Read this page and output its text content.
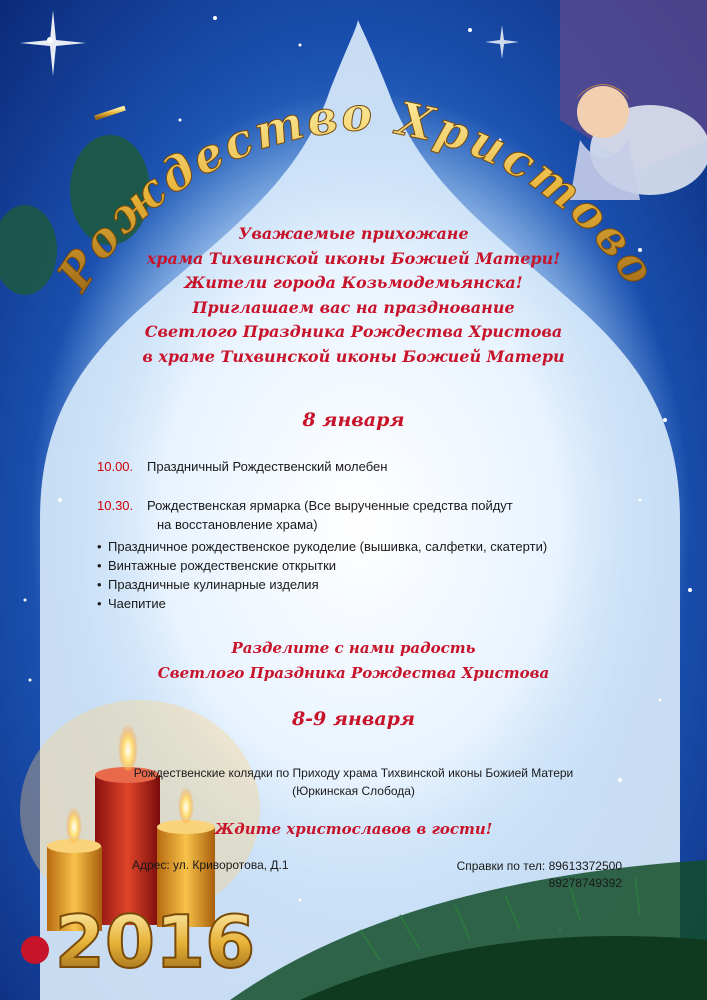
Рождество Христово
Уважаемые прихожане
храма Тихвинской иконы Божией Матери!
Жители города Козьмодемьянска!
Приглашаем вас на празднование
Светлого Праздника Рождества Христова
в храме Тихвинской иконы Божией Матери
8 января
10.00. Праздничный Рождественский молебен
10.30. Рождественская ярмарка (Все вырученные средства пойдут
на восстановление храма)
• Праздничное рождественское рукоделие (вышивка, салфетки, скатерти)
• Винтажные рождественские открытки
• Праздничные кулинарные изделия
• Чаепитие
Разделите с нами радость
Светлого Праздника Рождества Христова
8-9 января
Рождественские колядки по Приходу храма Тихвинской иконы Божией Матери
(Юркинская Слобода)
Ждите христославов в гости!
Адрес: ул. Криворотова, Д.1	Справки по тел: 89613372500
89278749392
2016
